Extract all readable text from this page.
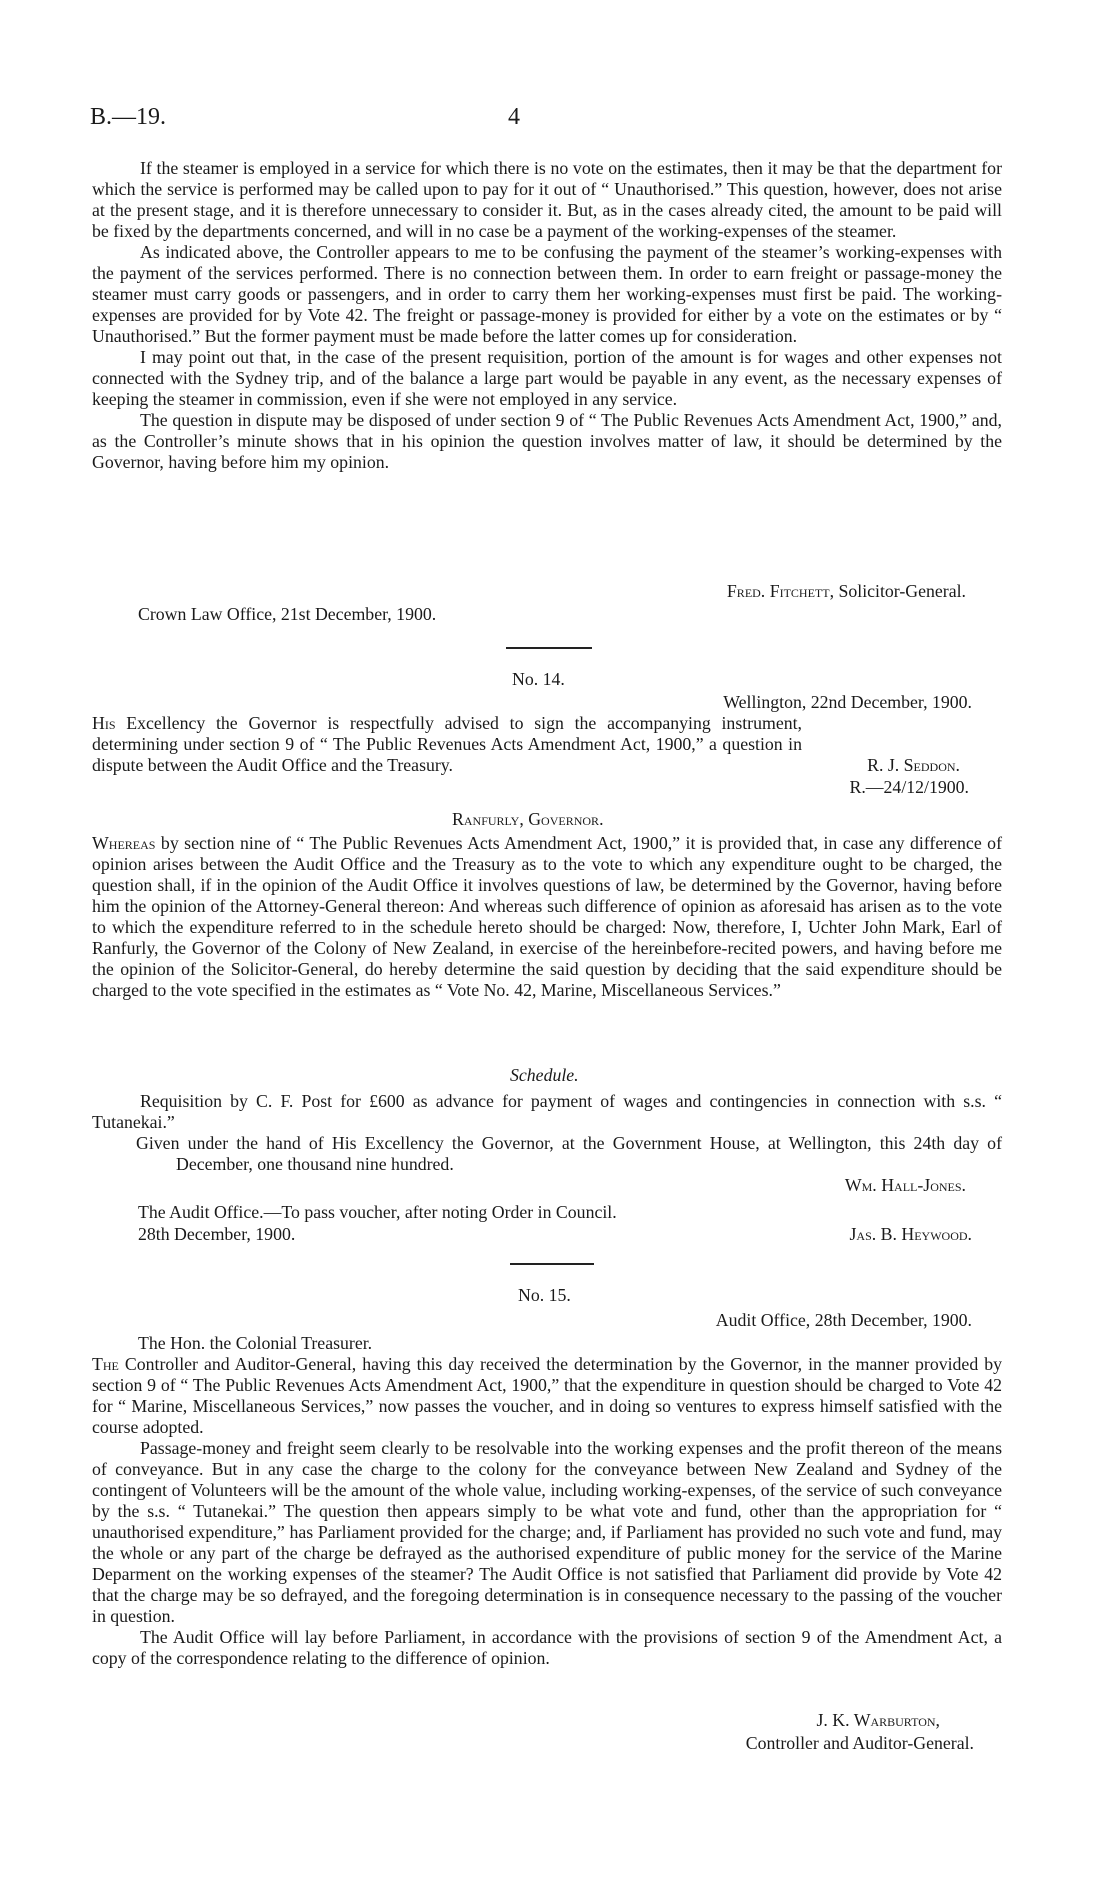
B.—19.	4

If the steamer is employed in a service for which there is no vote on the estimates, then it may be that the department for which the service is performed may be called upon to pay for it out of “ Unauthorised.” This question, however, does not arise at the present stage, and it is therefore unnecessary to consider it. But, as in the cases already cited, the amount to be paid will be fixed by the departments concerned, and will in no case be a payment of the working-expenses of the steamer.

As indicated above, the Controller appears to me to be confusing the payment of the steamer’s working-expenses with the payment of the services performed. There is no connection between them. In order to earn freight or passage-money the steamer must carry goods or passengers, and in order to carry them her working-expenses must first be paid. The working-expenses are provided for by Vote 42. The freight or passage-money is provided for either by a vote on the estimates or by “ Unauthorised.” But the former payment must be made before the latter comes up for consideration.

I may point out that, in the case of the present requisition, portion of the amount is for wages and other expenses not connected with the Sydney trip, and of the balance a large part would be payable in any event, as the necessary expenses of keeping the steamer in commission, even if she were not employed in any service.

The question in dispute may be disposed of under section 9 of “ The Public Revenues Acts Amendment Act, 1900,” and, as the Controller’s minute shows that in his opinion the question involves matter of law, it should be determined by the Governor, having before him my opinion.

Fred. Fitchett, Solicitor-General.
Crown Law Office, 21st December, 1900.
No. 14.
Wellington, 22nd December, 1900.

His Excellency the Governor is respectfully advised to sign the accompanying instrument, determining under section 9 of “ The Public Revenues Acts Amendment Act, 1900,” a question in dispute between the Audit Office and the Treasury.	R. J. Seddon.
R.—24/12/1900.
Ranfurly, Governor.

Whereas by section nine of “ The Public Revenues Acts Amendment Act, 1900,” it is provided that, in case any difference of opinion arises between the Audit Office and the Treasury as to the vote to which any expenditure ought to be charged, the question shall, if in the opinion of the Audit Office it involves questions of law, be determined by the Governor, having before him the opinion of the Attorney-General thereon: And whereas such difference of opinion as aforesaid has arisen as to the vote to which the expenditure referred to in the schedule hereto should be charged: Now, therefore, I, Uchter John Mark, Earl of Ranfurly, the Governor of the Colony of New Zealand, in exercise of the hereinbefore-recited powers, and having before me the opinion of the Solicitor-General, do hereby determine the said question by deciding that the said expenditure should be charged to the vote specified in the estimates as “ Vote No. 42, Marine, Miscellaneous Services.”

Schedule.

Requisition by C. F. Post for £600 as advance for payment of wages and contingencies in connection with s.s. “ Tutanekai.”

Given under the hand of His Excellency the Governor, at the Government House, at Wellington, this 24th day of December, one thousand nine hundred.

Wm. Hall-Jones.
The Audit Office.—To pass voucher, after noting Order in Council.
28th December, 1900.	Jas. B. Heywood.
No. 15.
Audit Office, 28th December, 1900.
The Hon. the Colonial Treasurer.

The Controller and Auditor-General, having this day received the determination by the Governor, in the manner provided by section 9 of “ The Public Revenues Acts Amendment Act, 1900,” that the expenditure in question should be charged to Vote 42 for “ Marine, Miscellaneous Services,” now passes the voucher, and in doing so ventures to express himself satisfied with the course adopted.

Passage-money and freight seem clearly to be resolvable into the working expenses and the profit thereon of the means of conveyance. But in any case the charge to the colony for the conveyance between New Zealand and Sydney of the contingent of Volunteers will be the amount of the whole value, including working-expenses, of the service of such conveyance by the s.s. “ Tutanekai.” The question then appears simply to be what vote and fund, other than the appropriation for “ unauthorised expenditure,” has Parliament provided for the charge; and, if Parliament has provided no such vote and fund, may the whole or any part of the charge be defrayed as the authorised expenditure of public money for the service of the Marine Deparment on the working expenses of the steamer? The Audit Office is not satisfied that Parliament did provide by Vote 42 that the charge may be so defrayed, and the foregoing determination is in consequence necessary to the passing of the voucher in question.

The Audit Office will lay before Parliament, in accordance with the provisions of section 9 of the Amendment Act, a copy of the correspondence relating to the difference of opinion.

J. K. Warburton,
Controller and Auditor-General.
